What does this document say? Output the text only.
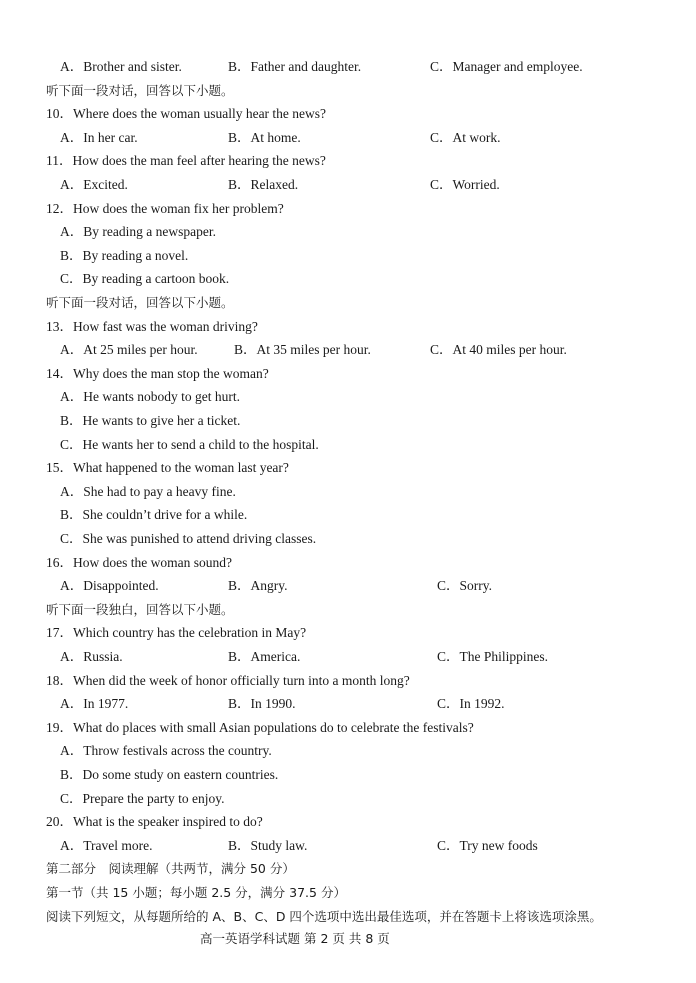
A．Brother and sister.	B．Father and daughter.	C．Manager and employee.
听下面一段对话，回答以下小题。
10．Where does the woman usually hear the news?
A．In her car.	B．At home.	C．At work.
11．How does the man feel after hearing the news?
A．Excited.	B．Relaxed.	C．Worried.
12．How does the woman fix her problem?
A．By reading a newspaper.
B．By reading a novel.
C．By reading a cartoon book.
听下面一段对话，回答以下小题。
13．How fast was the woman driving?
A．At 25 miles per hour.	B．At 35 miles per hour.	C．At 40 miles per hour.
14．Why does the man stop the woman?
A．He wants nobody to get hurt.
B．He wants to give her a ticket.
C．He wants her to send a child to the hospital.
15．What happened to the woman last year?
A．She had to pay a heavy fine.
B．She couldn’t drive for a while.
C．She was punished to attend driving classes.
16．How does the woman sound?
A．Disappointed.	B．Angry.	C．Sorry.
听下面一段独白，回答以下小题。
17．Which country has the celebration in May?
A．Russia.	B．America.	C．The Philippines.
18．When did the week of honor officially turn into a month long?
A．In 1977.	B．In 1990.	C．In 1992.
19．What do places with small Asian populations do to celebrate the festivals?
A．Throw festivals across the country.
B．Do some study on eastern countries.
C．Prepare the party to enjoy.
20．What is the speaker inspired to do?
A．Travel more.	B．Study law.	C．Try new foods
第二部分　阅读理解（共两节，满分 50 分）
第一节（共 15 小题；每小题 2.5 分，满分 37.5 分）
阅读下列短文，从每题所给的 A、B、C、D 四个选项中选出最佳选项，并在答题卡上将该选项涂黑。
高一英语学科试题 第 2 页 共 8 页
